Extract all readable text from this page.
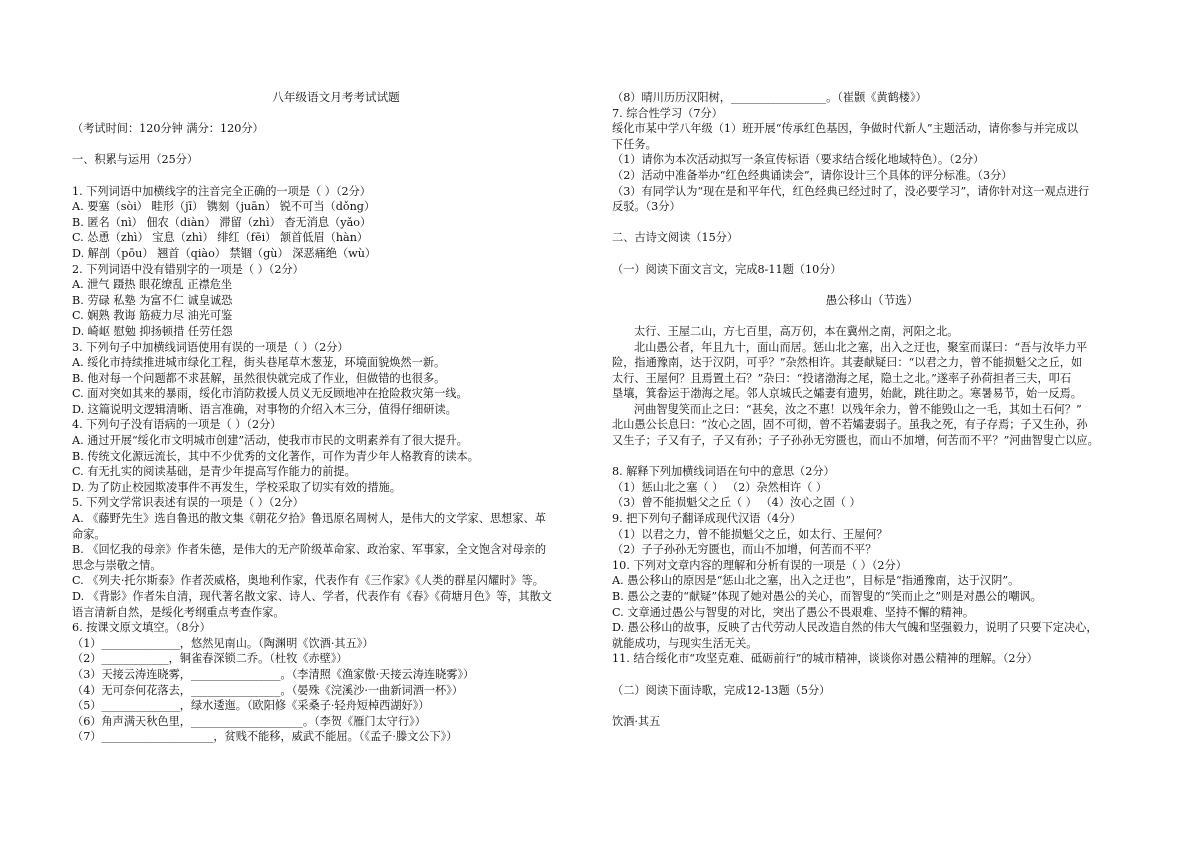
八年级语文月考考试试题
（考试时间：120分钟 满分：120分）
一、积累与运用（25分）
1. 下列词语中加横线字的注音完全正确的一项是（ ）（2分）
A. 要塞（sòi） 畦形（jī） 镌刻（juān） 锐不可当（dǒng）
B. 匿名（nì） 佃农（diàn） 滞留（zhì） 杳无消息（yǎo）
C. 怂恿（zhì） 宝息（zhì） 绯红（fēi） 颔首低眉（hàn）
D. 解剖（pōu） 翘首（qiào） 禁锢（gù） 深恶痛绝（wù）
2. 下列词语中没有错别字的一项是（ ）（2分）
A. 泄气 蹑热 眼花缭乱 正襟危坐
B. 劳碌 私塾 为富不仁 诚皇诚恐
C. 娴熟 教诲 筋疲力尽 油光可鉴
D. 崎岖 慰勉 抑扬顿措 任劳任怨
3. 下列句子中加横线词语使用有误的一项是（ ）（2分）
A. 绥化市持续推进城市绿化工程，街头巷尾草木葱茏，环境面貌焕然一新。
B. 他对每一个问题都不求甚解，虽然很快就完成了作业，但做错的也很多。
C. 面对突如其来的暴雨，绥化市消防救援人员义无反顾地冲在抢险救灾第一线。
D. 这篇说明文逻辑清晰、语言准确，对事物的介绍入木三分，值得仔细研读。
4. 下列句子没有语病的一项是（ ）（2分）
A. 通过开展“绥化市文明城市创建”活动，使我市市民的文明素养有了很大提升。
B. 传统文化源远流长，其中不少优秀的文化著作，可作为青少年人格教育的读本。
C. 有无扎实的阅读基础，是青少年提高写作能力的前提。
D. 为了防止校园欺凌事件不再发生，学校采取了切实有效的措施。
5. 下列文学常识表述有误的一项是（ ）（2分）
A. 《藤野先生》选自鲁迅的散文集《朝花夕拾》鲁迅原名周树人，是伟大的文学家、思想家、革
命家。
B. 《回忆我的母亲》作者朱德，是伟大的无产阶级革命家、政治家、军事家，全文饱含对母亲的
思念与崇敬之情。
C. 《列夫·托尔斯泰》作者茨威格，奥地利作家，代表作有《三作家》《人类的群星闪耀时》等。
D. 《背影》作者朱自清，现代著名散文家、诗人、学者，代表作有《春》《荷塘月色》等，其散文
语言清新自然，是绥化考纲重点考查作家。
6. 按课文原文填空。（8分）
（1）______________，悠然见南山。（陶渊明《饮酒·其五》）
（2）____________，铜雀春深锁二乔。（杜牧《赤壁》）
（3）天接云涛连晓雾，________________。（李清照《渔家傲·天接云涛连晓雾》）
（4）无可奈何花落去，________________。（晏殊《浣溪沙·一曲新词酒一杯》）
（5）______________，绿水逶迤。（欧阳修《采桑子·轻舟短棹西湖好》）
（6）角声满天秋色里，____________________。（李贺《雁门太守行》）
（7）____________________，贫贱不能移，威武不能屈。（《孟子·滕文公下》）
（8）晴川历历汉阳树，_________________。（崔颢《黄鹤楼》）
7. 综合性学习（7分）
绥化市某中学八年级（1）班开展“传承红色基因，争做时代新人”主题活动，请你参与并完成以
下任务。
（1）请你为本次活动拟写一条宣传标语（要求结合绥化地域特色）。（2分）
（2）活动中准备举办“红色经典诵读会”，请你设计三个具体的评分标准。（3分）
（3）有同学认为“现在是和平年代，红色经典已经过时了，没必要学习”，请你针对这一观点进行
反驳。（3分）
二、古诗文阅读（15分）
（一）阅读下面文言文，完成8-11题（10分）
愚公移山（节选）
太行、王屋二山，方七百里，高万仞，本在冀州之南，河阳之北。
北山愚公者，年且九十，面山而居。惩山北之塞，出入之迂也，聚室而谋曰：“吾与汝毕力平
险，指通豫南，达于汉阴，可乎？”杂然相许。其妻献疑曰：“以君之力，曾不能损魁父之丘，如
太行、王屋何？且焉置土石？”杂曰：“投诸渤海之尾，隐土之北。”遂率子孙荷担者三夫，叩石
垦壤，箕畚运于渤海之尾。邻人京城氏之孀妻有遗男，始龀，跳往助之。寒暑易节，始一反焉。
河曲智叟笑而止之曰：“甚矣，汝之不惠！以残年余力，曾不能毁山之一毛，其如土石何？”
北山愚公长息曰：“汝心之固，固不可彻，曾不若孀妻弱子。虽我之死，有子存焉；子又生孙，孙
又生子；子又有子，子又有孙；子子孙孙无穷匮也，而山不加增，何苦而不平？”河曲智叟亡以应。
8. 解释下列加横线词语在句中的意思（2分）
（1）惩山北之塞（ ） （2）杂然相许（ ）
（3）曾不能损魁父之丘（ ） （4）汝心之固（ ）
9. 把下列句子翻译成现代汉语（4分）
（1）以君之力，曾不能损魁父之丘，如太行、王屋何？
（2）子子孙孙无穷匮也，而山不加增，何苦而不平？
10. 下列对文章内容的理解和分析有误的一项是（ ）（2分）
A. 愚公移山的原因是“惩山北之塞，出入之迂也”，目标是“指通豫南，达于汉阴”。
B. 愚公之妻的“献疑”体现了她对愚公的关心，而智叟的“笑而止之”则是对愚公的嘲讽。
C. 文章通过愚公与智叟的对比，突出了愚公不畏艰难、坚持不懈的精神。
D. 愚公移山的故事，反映了古代劳动人民改造自然的伟大气魄和坚强毅力，说明了只要下定决心，
就能成功，与现实生活无关。
11. 结合绥化市“攻坚克难、砥砺前行”的城市精神，谈谈你对愚公精神的理解。（2分）
（二）阅读下面诗歌，完成12-13题（5分）
饮酒·其五
